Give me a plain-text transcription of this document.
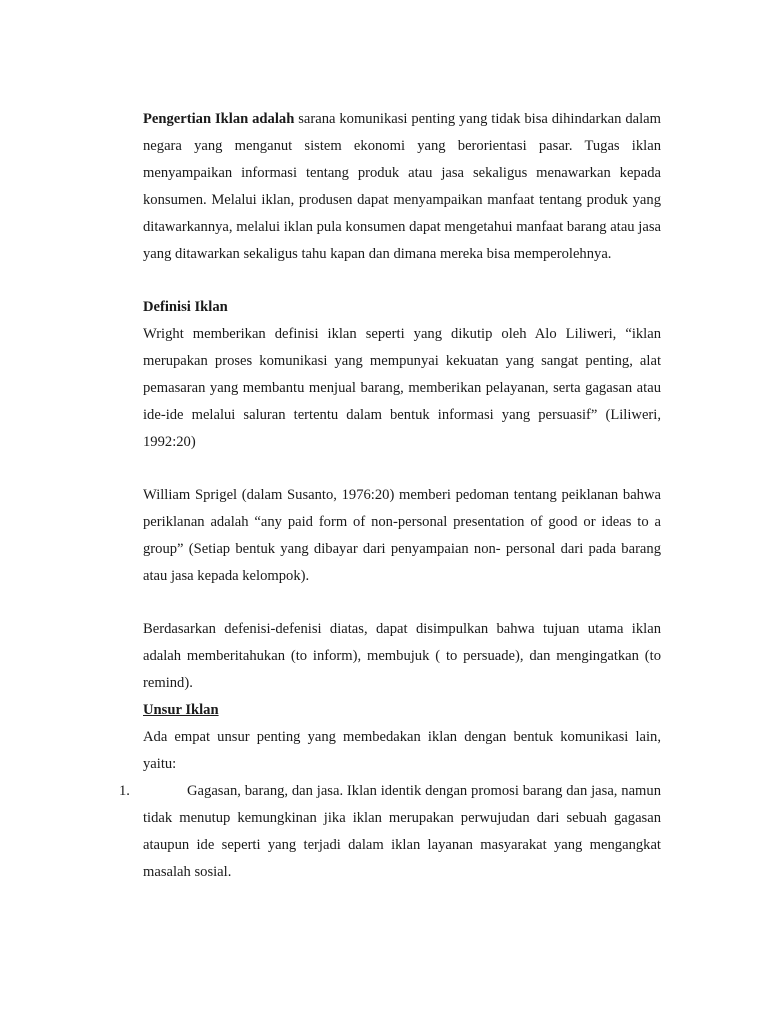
Pengertian Iklan adalah sarana komunikasi penting yang tidak bisa dihindarkan dalam negara yang menganut sistem ekonomi yang berorientasi pasar. Tugas iklan menyampaikan informasi tentang produk atau jasa sekaligus menawarkan kepada konsumen. Melalui iklan, produsen dapat menyampaikan manfaat tentang produk yang ditawarkannya, melalui iklan pula konsumen dapat mengetahui manfaat barang atau jasa yang ditawarkan sekaligus tahu kapan dan dimana mereka bisa memperolehnya.

Definisi Iklan

Wright memberikan definisi iklan seperti yang dikutip oleh Alo Liliweri, “iklan merupakan proses komunikasi yang mempunyai kekuatan yang sangat penting, alat pemasaran yang membantu menjual barang, memberikan pelayanan, serta gagasan atau ide-ide melalui saluran tertentu dalam bentuk informasi yang persuasif” (Liliweri, 1992:20)

William Sprigel (dalam Susanto, 1976:20) memberi pedoman tentang peiklanan bahwa periklanan adalah “any paid form of non-personal presentation of good or ideas to a group” (Setiap bentuk yang dibayar dari penyampaian non- personal dari pada barang atau jasa kepada kelompok).

Berdasarkan defenisi-defenisi diatas, dapat disimpulkan bahwa tujuan utama iklan adalah memberitahukan (to inform), membujuk ( to persuade), dan mengingatkan (to remind).

Unsur Iklan

Ada empat unsur penting yang membedakan iklan dengan bentuk komunikasi lain, yaitu:

1.	Gagasan, barang, dan jasa. Iklan identik dengan promosi barang dan jasa, namun tidak menutup kemungkinan jika iklan merupakan perwujudan dari sebuah gagasan ataupun ide seperti yang terjadi dalam iklan layanan masyarakat yang mengangkat masalah sosial.
